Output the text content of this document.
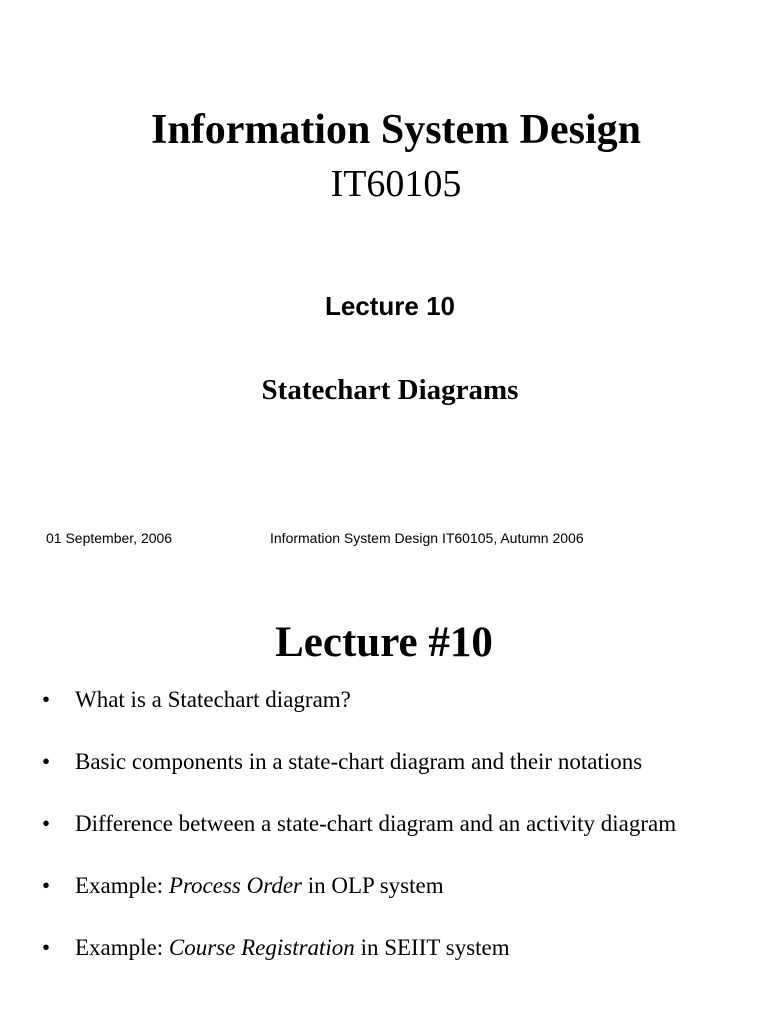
Information System Design
IT60105
Lecture 10
Statechart Diagrams
01 September, 2006	Information System Design IT60105, Autumn 2006
Lecture #10
•	What is a Statechart diagram?
•	Basic components in a state-chart diagram and their notations
•	Difference between a state-chart diagram and an activity diagram
•	Example: Process Order in OLP system
•	Example: Course Registration in SEIIT system
